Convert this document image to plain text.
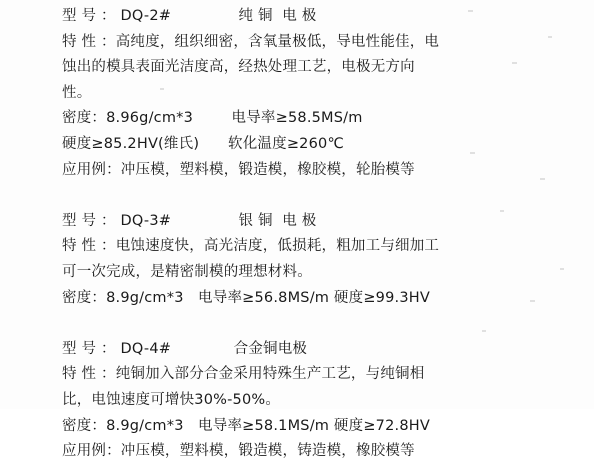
型 号 ： DQ-2#              纯 铜  电 极
特 性 ：高纯度，组织细密，含氧量极低，导电性能佳，电
蚀出的模具表面光洁度高，经热处理工艺，电极无方向
性。
密度：8.96g/cm*3        电导率≥58.5MS/m
硬度≥85.2HV(维氏)      软化温度≥260℃
应用例：冲压模，塑料模，锻造模，橡胶模，轮胎模等
型 号 ： DQ-3#              银 铜  电 极
特 性 ：电蚀速度快，高光洁度，低损耗，粗加工与细加工
可一次完成，是精密制模的理想材料。
密度：8.9g/cm*3   电导率≥56.8MS/m 硬度≥99.3HV
型 号 ： DQ-4#             合金铜电极
特 性 ：纯铜加入部分合金采用特殊生产工艺，与纯铜相
比，电蚀速度可增快30%-50%。
密度：8.9g/cm*3   电导率≥58.1MS/m 硬度≥72.8HV
应用例：冲压模，塑料模，锻造模，铸造模，橡胶模等
